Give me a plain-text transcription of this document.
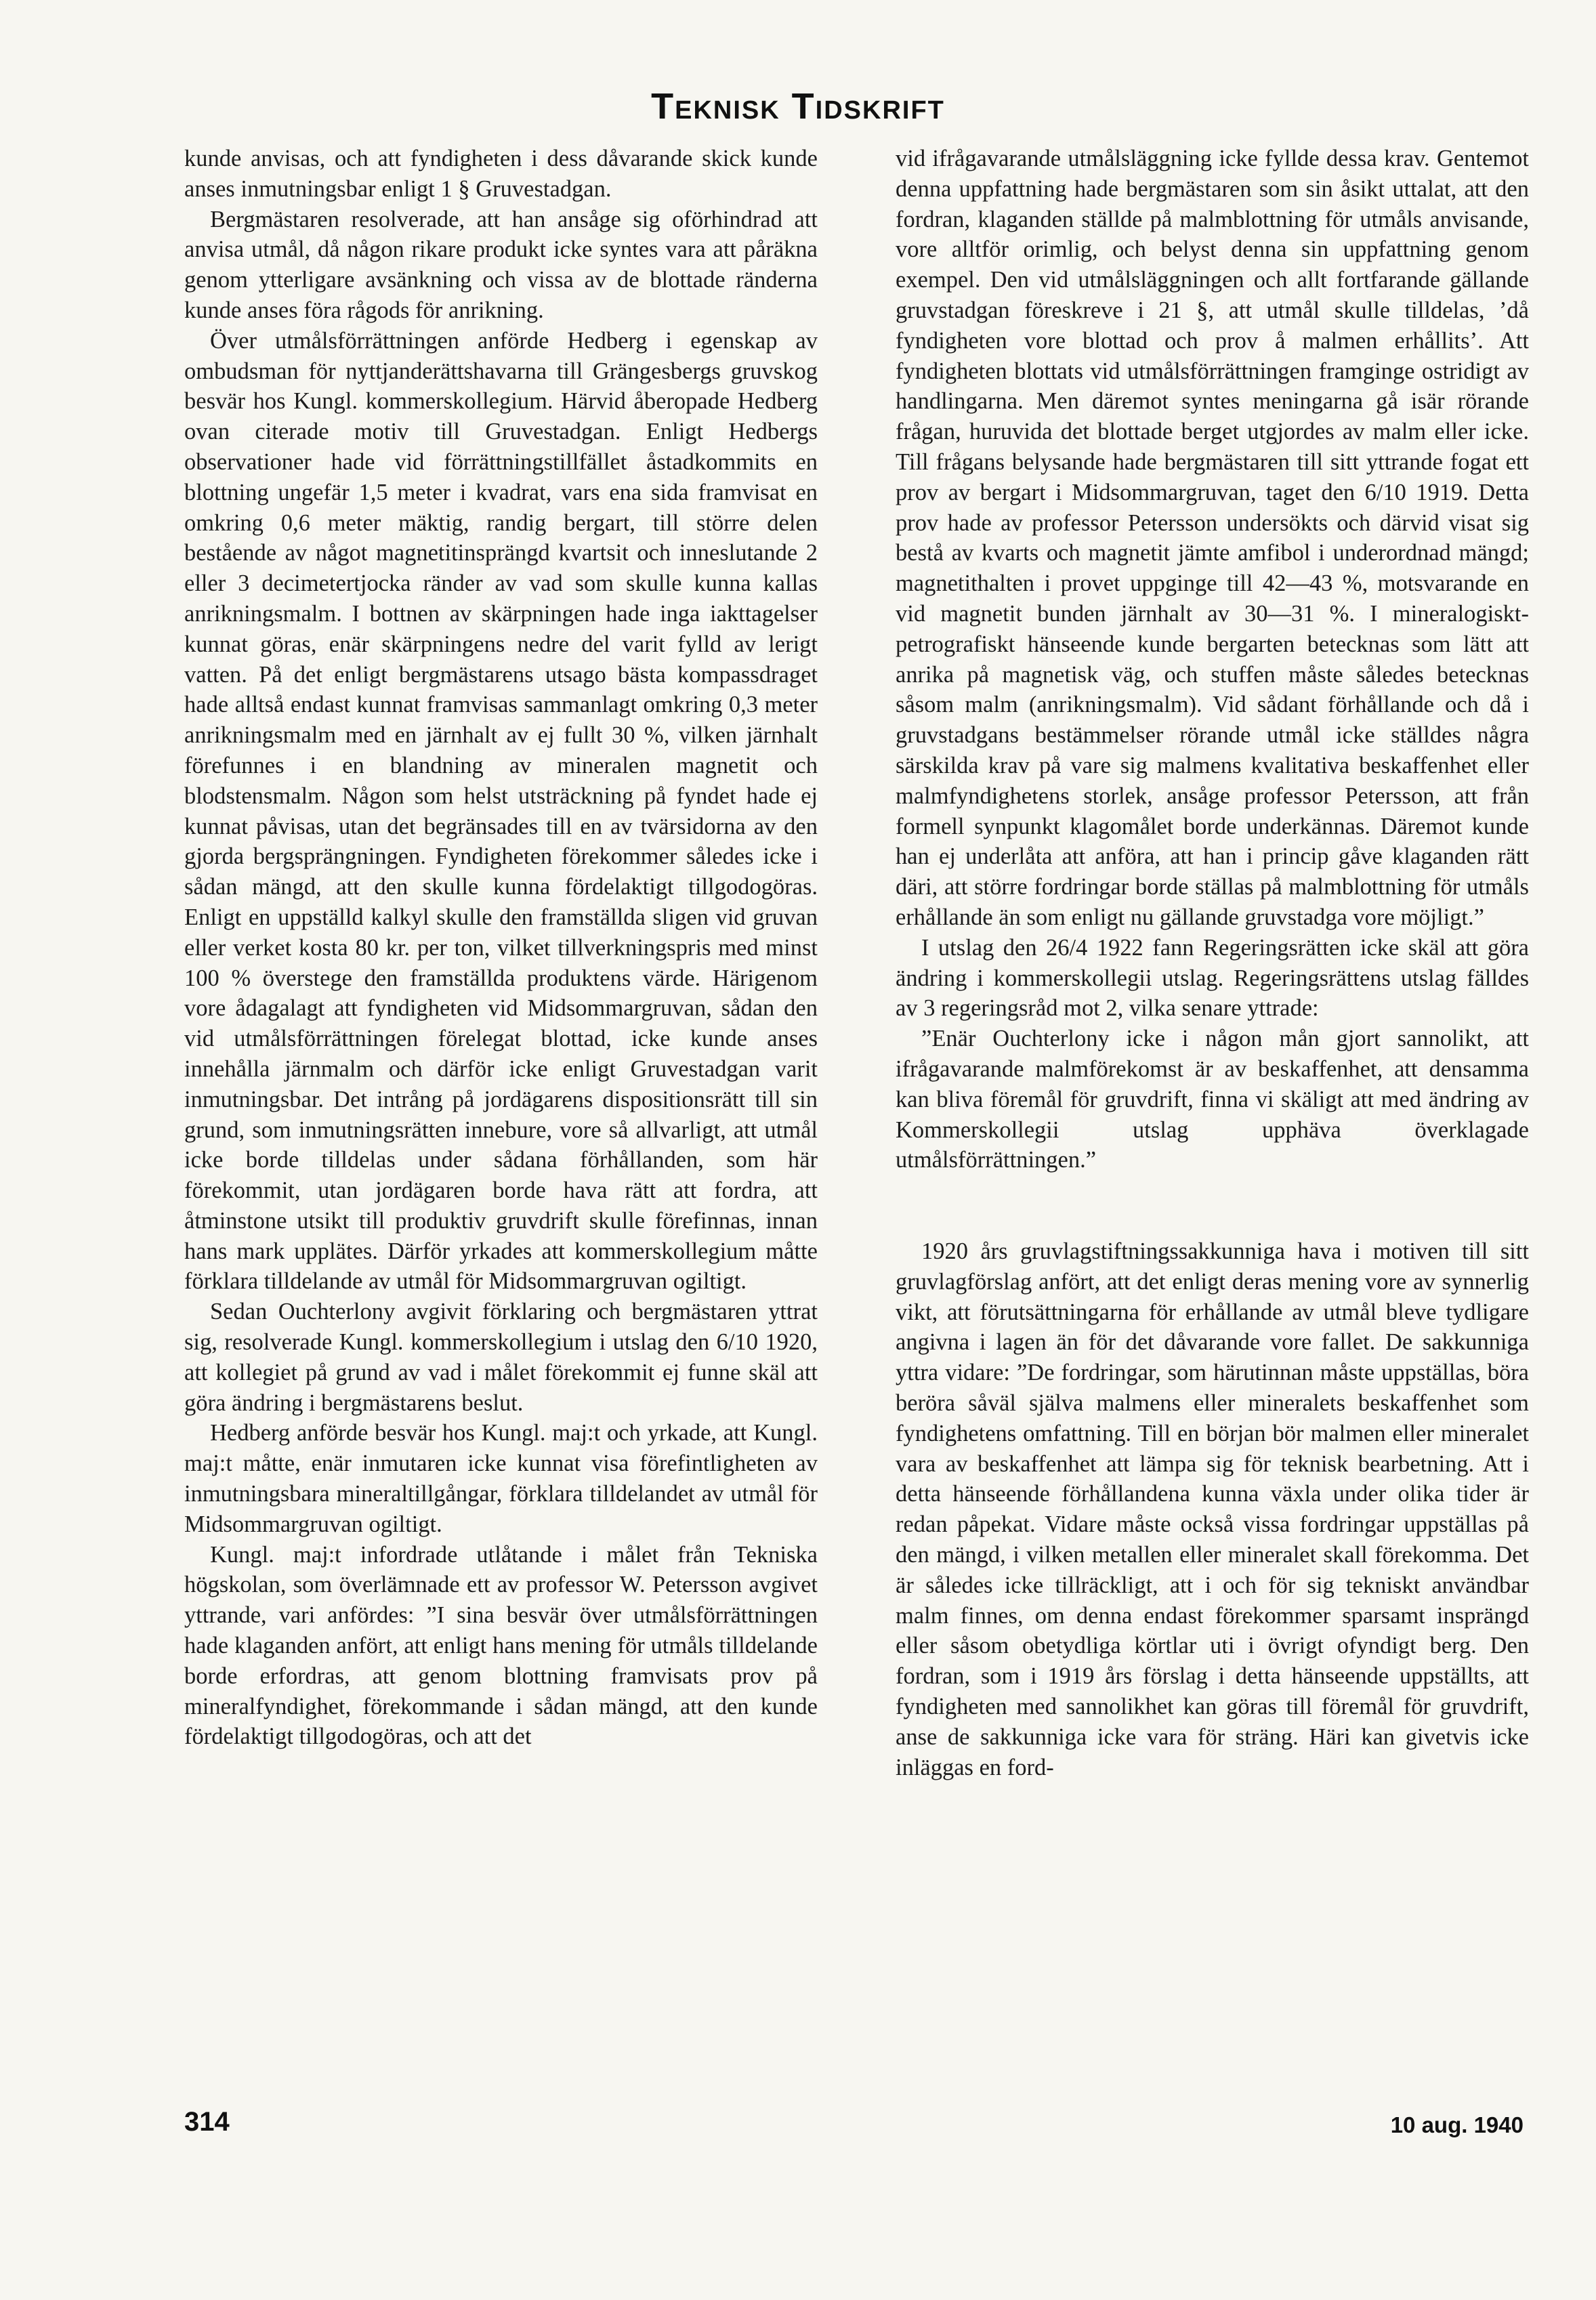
Teknisk Tidskrift

kunde anvisas, och att fyndigheten i dess dåvarande skick kunde anses inmutningsbar enligt 1 § Gruvestadgan.

Bergmästaren resolverade, att han ansåge sig oförhindrad att anvisa utmål, då någon rikare produkt icke syntes vara att påräkna genom ytterligare avsänkning och vissa av de blottade ränderna kunde anses föra rågods för anrikning.

Över utmålsförrättningen anförde Hedberg i egenskap av ombudsman för nyttjanderättshavarna till Grängesbergs gruvskog besvär hos Kungl. kommerskollegium. Härvid åberopade Hedberg ovan citerade motiv till Gruvestadgan. Enligt Hedbergs observationer hade vid förrättningstillfället åstadkommits en blottning ungefär 1,5 meter i kvadrat, vars ena sida framvisat en omkring 0,6 meter mäktig, randig bergart, till större delen bestående av något magnetitinsprängd kvartsit och inneslutande 2 eller 3 decimetertjocka ränder av vad som skulle kunna kallas anrikningsmalm. I bottnen av skärpningen hade inga iakttagelser kunnat göras, enär skärpningens nedre del varit fylld av lerigt vatten. På det enligt bergmästarens utsago bästa kompassdraget hade alltså endast kunnat framvisas sammanlagt omkring 0,3 meter anrikningsmalm med en järnhalt av ej fullt 30 %, vilken järnhalt förefunnes i en blandning av mineralen magnetit och blodstensmalm. Någon som helst utsträckning på fyndet hade ej kunnat påvisas, utan det begränsades till en av tvärsidorna av den gjorda bergsprängningen. Fyndigheten förekommer således icke i sådan mängd, att den skulle kunna fördelaktigt tillgodogöras. Enligt en uppställd kalkyl skulle den framställda sligen vid gruvan eller verket kosta 80 kr. per ton, vilket tillverkningspris med minst 100 % överstege den framställda produktens värde. Härigenom vore ådagalagt att fyndigheten vid Midsommargruvan, sådan den vid utmålsförrättningen förelegat blottad, icke kunde anses innehålla järnmalm och därför icke enligt Gruvestadgan varit inmutningsbar. Det intrång på jordägarens dispositionsrätt till sin grund, som inmutningsrätten innebure, vore så allvarligt, att utmål icke borde tilldelas under sådana förhållanden, som här förekommit, utan jordägaren borde hava rätt att fordra, att åtminstone utsikt till produktiv gruvdrift skulle förefinnas, innan hans mark upplätes. Därför yrkades att kommerskollegium måtte förklara tilldelande av utmål för Midsommargruvan ogiltigt.

Sedan Ouchterlony avgivit förklaring och bergmästaren yttrat sig, resolverade Kungl. kommerskollegium i utslag den 6/10 1920, att kollegiet på grund av vad i målet förekommit ej funne skäl att göra ändring i bergmästarens beslut.

Hedberg anförde besvär hos Kungl. maj:t och yrkade, att Kungl. maj:t måtte, enär inmutaren icke kunnat visa förefintligheten av inmutningsbara mineraltillgångar, förklara tilldelandet av utmål för Midsommargruvan ogiltigt.

Kungl. maj:t infordrade utlåtande i målet från Tekniska högskolan, som överlämnade ett av professor W. Petersson avgivet yttrande, vari anfördes: ”I sina besvär över utmålsförrättningen hade klaganden anfört, att enligt hans mening för utmåls tilldelande borde erfordras, att genom blottning framvisats prov på mineralfyndighet, förekommande i sådan mängd, att den kunde fördelaktigt tillgodogöras, och att det

vid ifrågavarande utmålsläggning icke fyllde dessa krav. Gentemot denna uppfattning hade bergmästaren som sin åsikt uttalat, att den fordran, klaganden ställde på malmblottning för utmåls anvisande, vore alltför orimlig, och belyst denna sin uppfattning genom exempel. Den vid utmålsläggningen och allt fortfarande gällande gruvstadgan föreskreve i 21 §, att utmål skulle tilldelas, ’då fyndigheten vore blottad och prov å malmen erhållits’. Att fyndigheten blottats vid utmålsförrättningen framginge ostridigt av handlingarna. Men däremot syntes meningarna gå isär rörande frågan, huruvida det blottade berget utgjordes av malm eller icke. Till frågans belysande hade bergmästaren till sitt yttrande fogat ett prov av bergart i Midsommargruvan, taget den 6/10 1919. Detta prov hade av professor Petersson undersökts och därvid visat sig bestå av kvarts och magnetit jämte amfibol i underordnad mängd; magnetithalten i provet uppginge till 42—43 %, motsvarande en vid magnetit bunden järnhalt av 30—31 %. I mineralogiskt-petrografiskt hänseende kunde bergarten betecknas som lätt att anrika på magnetisk väg, och stuffen måste således betecknas såsom malm (anrikningsmalm). Vid sådant förhållande och då i gruvstadgans bestämmelser rörande utmål icke ställdes några särskilda krav på vare sig malmens kvalitativa beskaffenhet eller malmfyndighetens storlek, ansåge professor Petersson, att från formell synpunkt klagomålet borde underkännas. Däremot kunde han ej underlåta att anföra, att han i princip gåve klaganden rätt däri, att större fordringar borde ställas på malmblottning för utmåls erhållande än som enligt nu gällande gruvstadga vore möjligt.”

I utslag den 26/4 1922 fann Regeringsrätten icke skäl att göra ändring i kommerskollegii utslag. Regeringsrättens utslag fälldes av 3 regeringsråd mot 2, vilka senare yttrade:

”Enär Ouchterlony icke i någon mån gjort sannolikt, att ifrågavarande malmförekomst är av beskaffenhet, att densamma kan bliva föremål för gruvdrift, finna vi skäligt att med ändring av Kommerskollegii utslag upphäva överklagade utmålsförrättningen.”

1920 års gruvlagstiftningssakkunniga hava i motiven till sitt gruvlagförslag anfört, att det enligt deras mening vore av synnerlig vikt, att förutsättningarna för erhållande av utmål bleve tydligare angivna i lagen än för det dåvarande vore fallet. De sakkunniga yttra vidare: ”De fordringar, som härutinnan måste uppställas, böra beröra såväl själva malmens eller mineralets beskaffenhet som fyndighetens omfattning. Till en början bör malmen eller mineralet vara av beskaffenhet att lämpa sig för teknisk bearbetning. Att i detta hänseende förhållandena kunna växla under olika tider är redan påpekat. Vidare måste också vissa fordringar uppställas på den mängd, i vilken metallen eller mineralet skall förekomma. Det är således icke tillräckligt, att i och för sig tekniskt användbar malm finnes, om denna endast förekommer sparsamt insprängd eller såsom obetydliga körtlar uti i övrigt ofyndigt berg. Den fordran, som i 1919 års förslag i detta hänseende uppställts, att fyndigheten med sannolikhet kan göras till föremål för gruvdrift, anse de sakkunniga icke vara för sträng. Häri kan givetvis icke inläggas en ford-

314	10 aug. 1940
